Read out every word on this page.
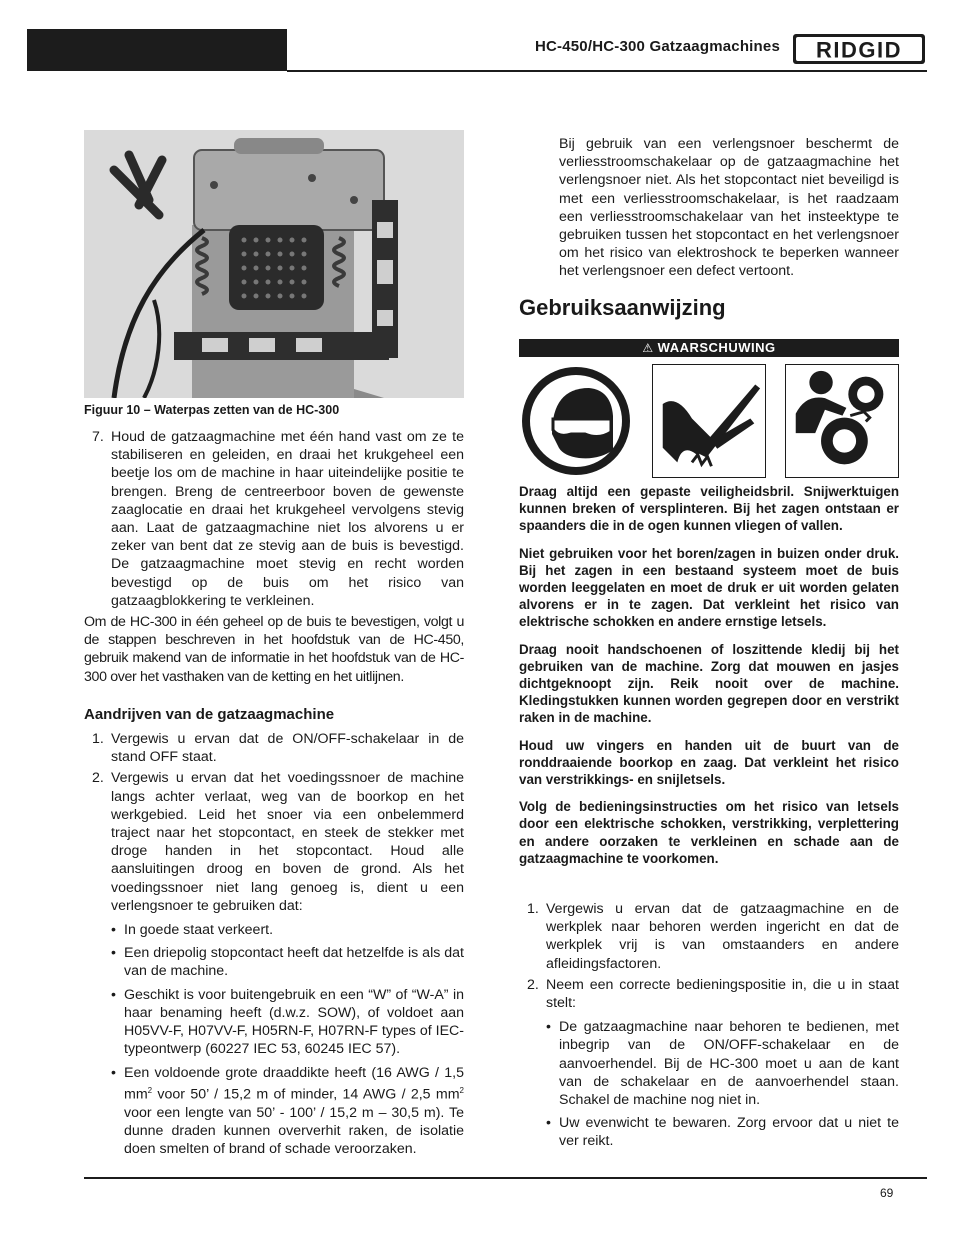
HC-450/HC-300 Gatzaagmachines RIDGID
Figuur 10 – Waterpas zetten van de HC-300
7. Houd de gatzaagmachine met één hand vast om ze te stabiliseren en geleiden, en draai het krukgeheel een beetje los om de machine in haar uiteindelijke positie te brengen. Breng de centreerboor boven de gewenste zaaglocatie en draai het krukgeheel vervolgens stevig aan. Laat de gatzaagmachine niet los alvorens u er zeker van bent dat ze stevig aan de buis is bevestigd. De gatzaagmachine moet stevig en recht worden bevestigd op de buis om het risico van gatzaagblokkering te verkleinen.

Om de HC-300 in één geheel op de buis te bevestigen, volgt u de stappen beschreven in het hoofdstuk van de HC-450, gebruik makend van de informatie in het hoofdstuk van de HC-300 over het vasthaken van de ketting en het uitlijnen.

Aandrijven van de gatzaagmachine
1. Vergewis u ervan dat de ON/OFF-schakelaar in de stand OFF staat.
2. Vergewis u ervan dat het voedingssnoer de machine langs achter verlaat, weg van de boorkop en het werkgebied. Leid het snoer via een onbelemmerd traject naar het stopcontact, en steek de stekker met droge handen in het stopcontact. Houd alle aansluitingen droog en boven de grond. Als het voedingssnoer niet lang genoeg is, dient u een verlengsnoer te gebruiken dat:
• In goede staat verkeert.
• Een driepolig stopcontact heeft dat hetzelfde is als dat van de machine.
• Geschikt is voor buitengebruik en een “W” of “W-A” in haar benaming heeft (d.w.z. SOW), of voldoet aan H05VV-F, H07VV-F, H05RN-F, H07RN-F types of IEC-typeontwerp (60227 IEC 53, 60245 IEC 57).
• Een voldoende grote draaddikte heeft (16 AWG / 1,5 $mm^2$ voor 50’ / 15,2 m of minder, 14 AWG / 2,5 $mm^2$ voor een lengte van 50’ - 100’ / 15,2 m – 30,5 m). Te dunne draden kunnen oververhit raken, de isolatie doen smelten of brand of schade veroorzaken.

Bij gebruik van een verlengsnoer beschermt de verliesstroomschakelaar op de gatzaagmachine het verlengsnoer niet. Als het stopcontact niet beveiligd is met een verliesstroomschakelaar, is het raadzaam een verliesstroomschakelaar van het insteektype te gebruiken tussen het stopcontact en het verlengsnoer om het risico van elektroshock te beperken wanneer het verlengsnoer een defect vertoont.

Gebruiksaanwijzing
⚠ WAARSCHUWING

Draag altijd een gepaste veiligheidsbril. Snijwerktuigen kunnen breken of versplinteren. Bij het zagen ontstaan er spaanders die in de ogen kunnen vliegen of vallen.

Niet gebruiken voor het boren/zagen in buizen onder druk. Bij het zagen in een bestaand systeem moet de buis worden leeggelaten en moet de druk er uit worden gelaten alvorens er in te zagen. Dat verkleint het risico van elektrische schokken en andere ernstige letsels.

Draag nooit handschoenen of loszittende kledij bij het gebruiken van de machine. Zorg dat mouwen en jasjes dichtgeknoopt zijn. Reik nooit over de machine. Kledingstukken kunnen worden gegrepen door en verstrikt raken in de machine.

Houd uw vingers en handen uit de buurt van de ronddraaiende boorkop en zaag. Dat verkleint het risico van verstrikkings- en snijletsels.

Volg de bedieningsinstructies om het risico van letsels door een elektrische schokken, verstrikking, verplettering en andere oorzaken te verkleinen en schade aan de gatzaagmachine te voorkomen.

1. Vergewis u ervan dat de gatzaagmachine en de werkplek naar behoren werden ingericht en dat de werkplek vrij is van omstaanders en andere afleidingsfactoren.
2. Neem een correcte bedieningspositie in, die u in staat stelt:
• De gatzaagmachine naar behoren te bedienen, met inbegrip van de ON/OFF-schakelaar en de aanvoerhendel. Bij de HC-300 moet u aan de kant van de schakelaar en de aanvoerhendel staan. Schakel de machine nog niet in.
• Uw evenwicht te bewaren. Zorg ervoor dat u niet te ver reikt.
69
